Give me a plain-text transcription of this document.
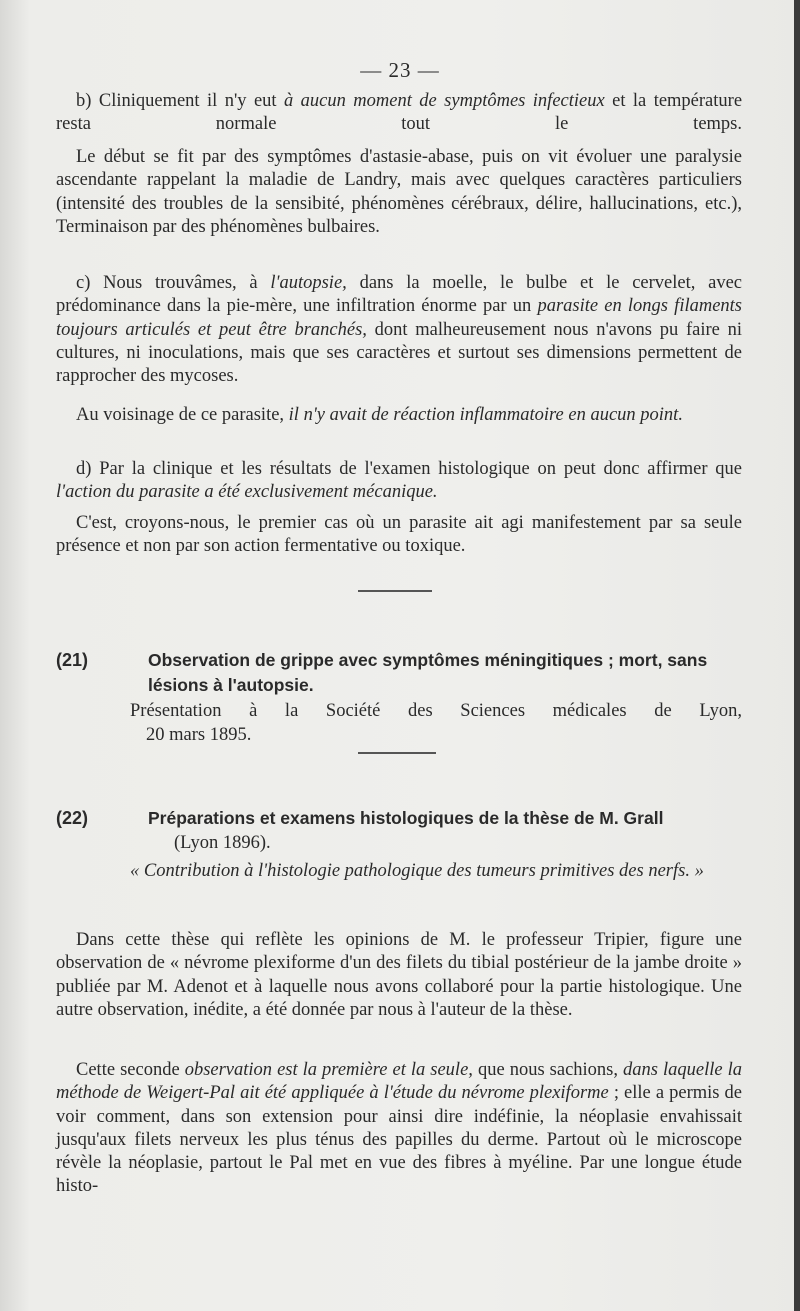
— 23 —
b) Cliniquement il n'y eut à aucun moment de symptômes infectieux et la température resta normale tout le temps.
Le début se fit par des symptômes d'astasie-abase, puis on vit évoluer une paralysie ascendante rappelant la maladie de Landry, mais avec quelques caractères particuliers (intensité des troubles de la sensibité, phénomènes cérébraux, délire, hallucinations, etc.), Terminaison par des phénomènes bulbaires.
c) Nous trouvâmes, à l'autopsie, dans la moelle, le bulbe et le cervelet, avec prédominance dans la pie-mère, une infiltration énorme par un parasite en longs filaments toujours articulés et peut être branchés, dont malheureusement nous n'avons pu faire ni cultures, ni inoculations, mais que ses caractères et surtout ses dimensions permettent de rapprocher des mycoses.
Au voisinage de ce parasite, il n'y avait de réaction inflammatoire en aucun point.
d) Par la clinique et les résultats de l'examen histologique on peut donc affirmer que l'action du parasite a été exclusivement mécanique.
C'est, croyons-nous, le premier cas où un parasite ait agi manifestement par sa seule présence et non par son action fermentative ou toxique.
(21)	Observation de grippe avec symptômes méningitiques ; mort, sans lésions à l'autopsie.
Présentation à la Société des Sciences médicales de Lyon,
20 mars 1895.
(22)	Préparations et examens histologiques de la thèse de M. Grall
(Lyon 1896).
« Contribution à l'histologie pathologique des tumeurs primitives des nerfs. »
Dans cette thèse qui reflète les opinions de M. le professeur Tripier, figure une observation de « névrome plexiforme d'un des filets du tibial postérieur de la jambe droite » publiée par M. Adenot et à laquelle nous avons collaboré pour la partie histologique. Une autre observation, inédite, a été donnée par nous à l'auteur de la thèse.
Cette seconde observation est la première et la seule, que nous sachions, dans laquelle la méthode de Weigert-Pal ait été appliquée à l'étude du névrome plexiforme ; elle a permis de voir comment, dans son extension pour ainsi dire indéfinie, la néoplasie envahissait jusqu'aux filets nerveux les plus ténus des papilles du derme. Partout où le microscope révèle la néoplasie, partout le Pal met en vue des fibres à myéline. Par une longue étude histo-
